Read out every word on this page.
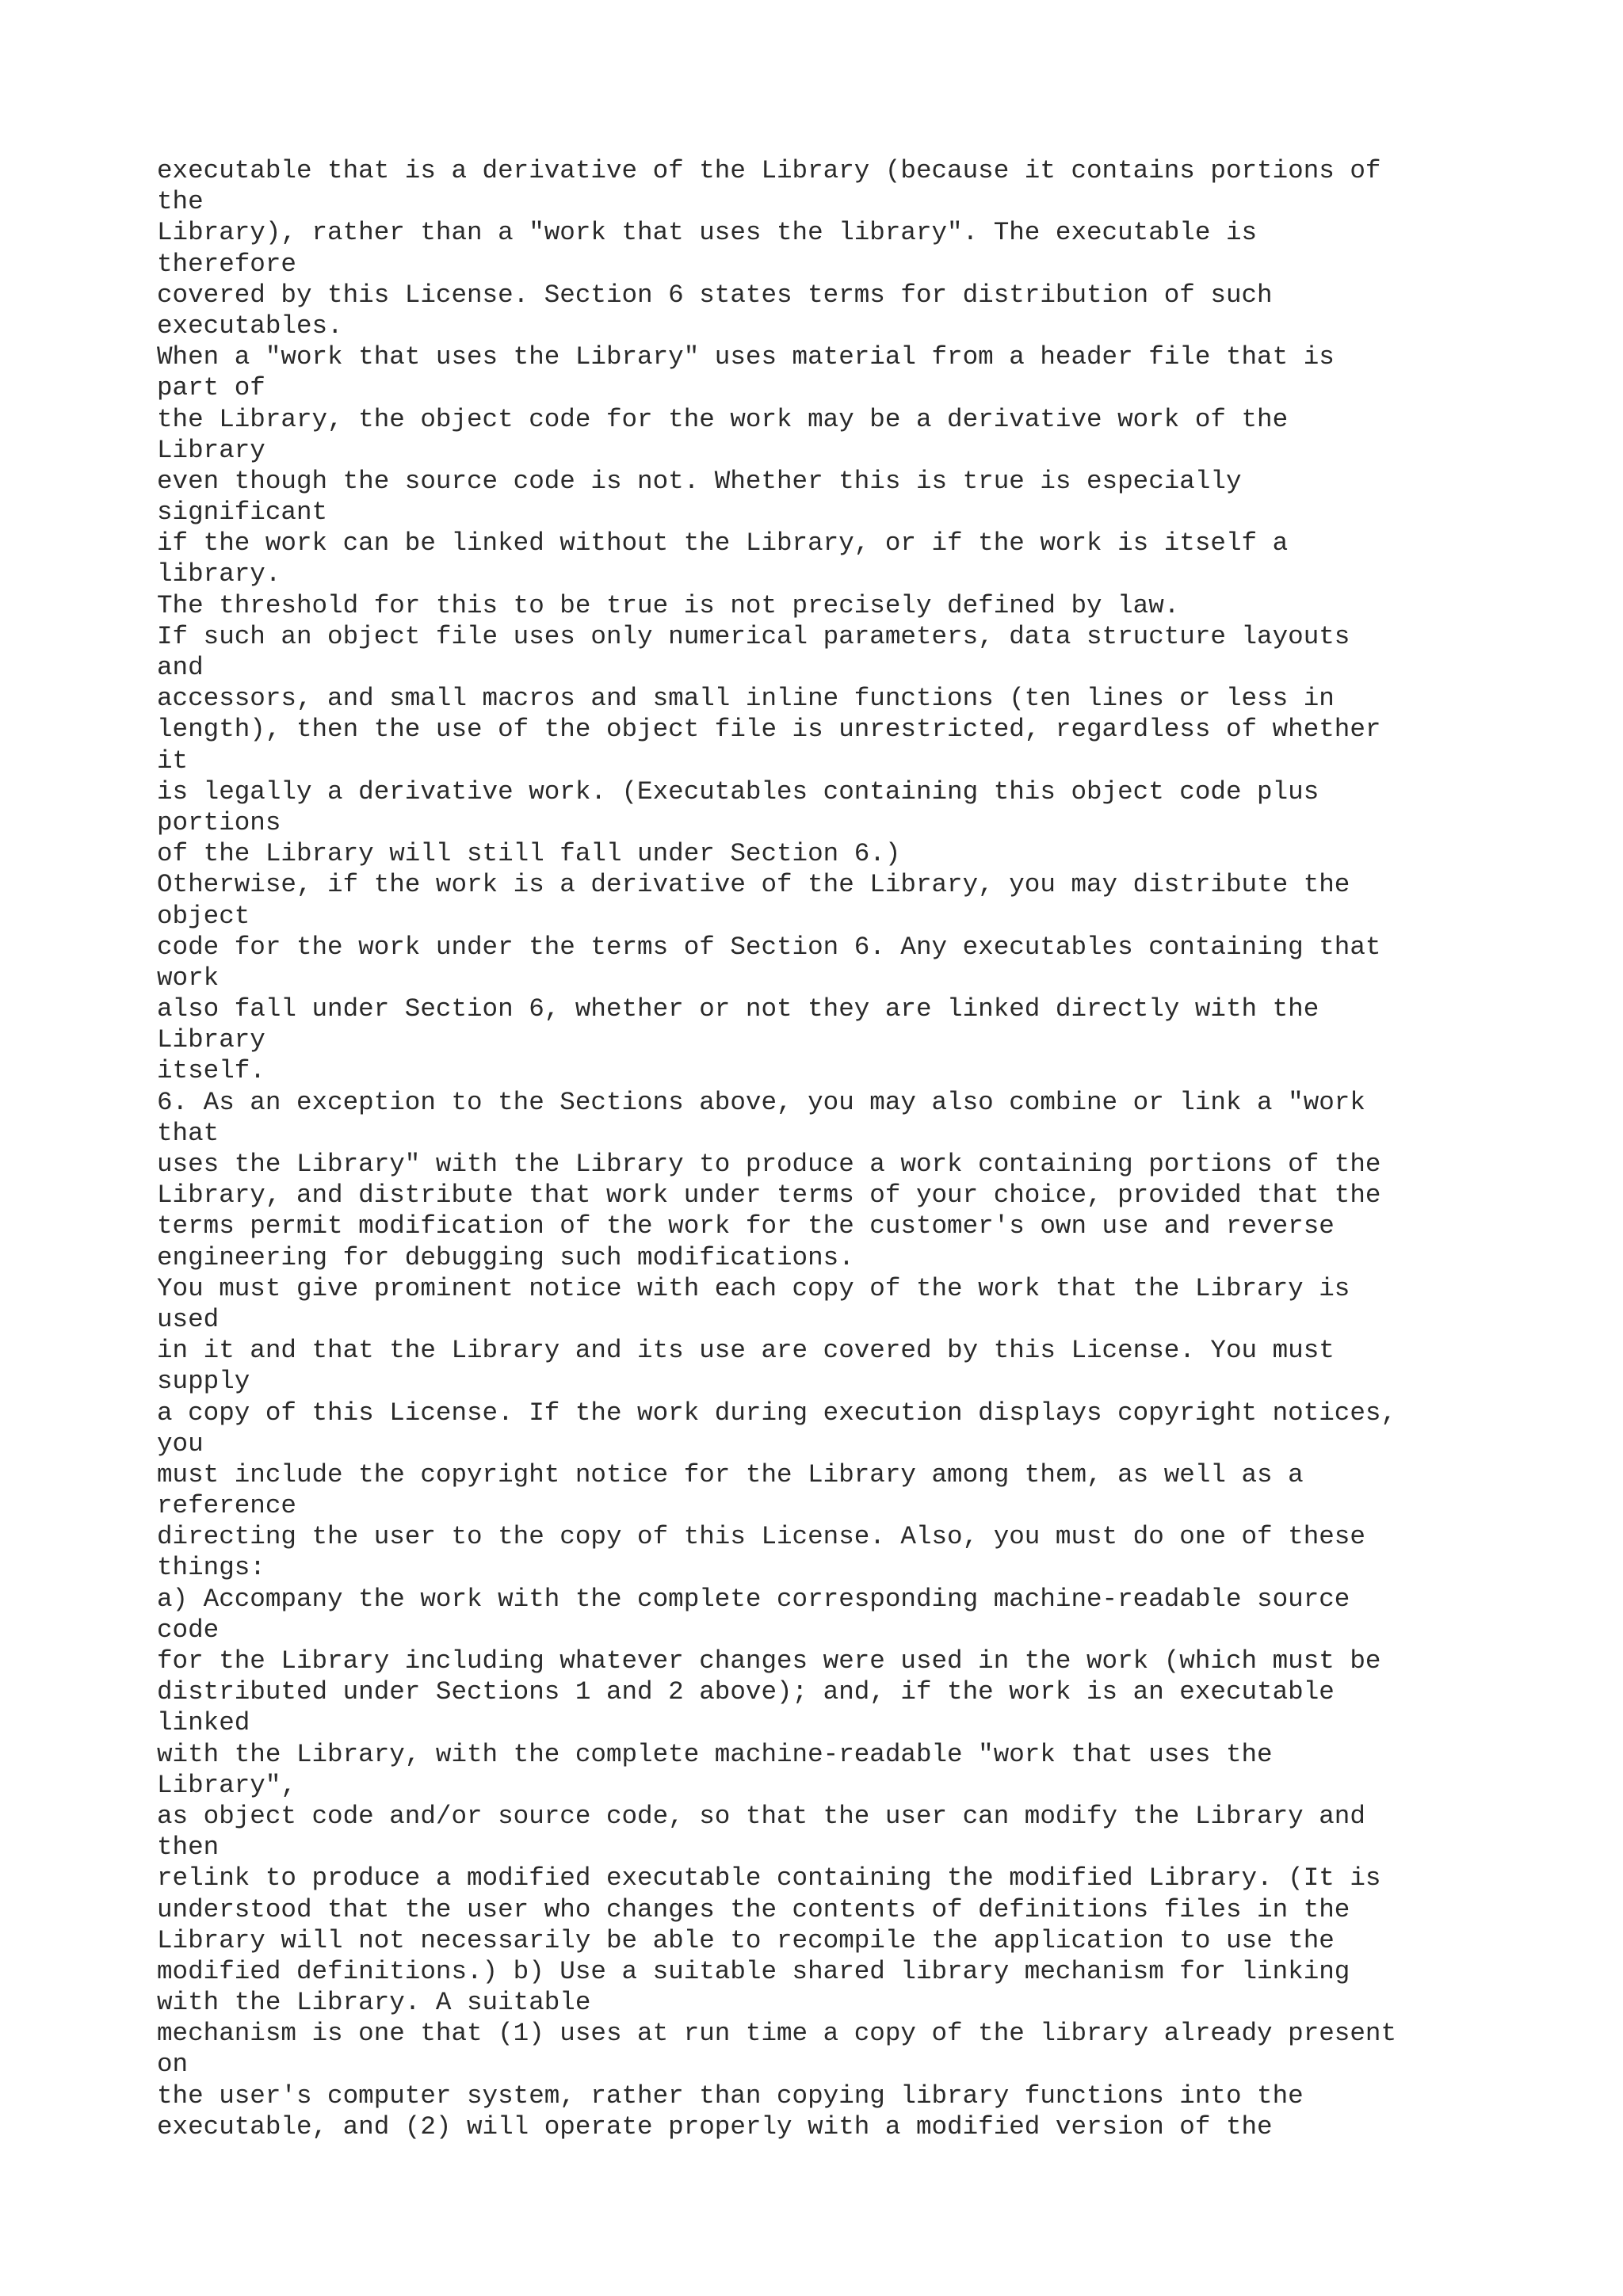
executable that is a derivative of the Library (because it contains portions of
the
Library), rather than a "work that uses the library". The executable is
therefore
covered by this License. Section 6 states terms for distribution of such
executables.
When a "work that uses the Library" uses material from a header file that is
part of
the Library, the object code for the work may be a derivative work of the
Library
even though the source code is not. Whether this is true is especially
significant
if the work can be linked without the Library, or if the work is itself a
library.
The threshold for this to be true is not precisely defined by law.
If such an object file uses only numerical parameters, data structure layouts
and
accessors, and small macros and small inline functions (ten lines or less in
length), then the use of the object file is unrestricted, regardless of whether
it
is legally a derivative work. (Executables containing this object code plus
portions
of the Library will still fall under Section 6.)
Otherwise, if the work is a derivative of the Library, you may distribute the
object
code for the work under the terms of Section 6. Any executables containing that
work
also fall under Section 6, whether or not they are linked directly with the
Library
itself.
6. As an exception to the Sections above, you may also combine or link a "work
that
uses the Library" with the Library to produce a work containing portions of the
Library, and distribute that work under terms of your choice, provided that the
terms permit modification of the work for the customer's own use and reverse
engineering for debugging such modifications.
You must give prominent notice with each copy of the work that the Library is
used
in it and that the Library and its use are covered by this License. You must
supply
a copy of this License. If the work during execution displays copyright notices,
you
must include the copyright notice for the Library among them, as well as a
reference
directing the user to the copy of this License. Also, you must do one of these
things:
a) Accompany the work with the complete corresponding machine-readable source
code
for the Library including whatever changes were used in the work (which must be
distributed under Sections 1 and 2 above); and, if the work is an executable
linked
with the Library, with the complete machine-readable "work that uses the
Library",
as object code and/or source code, so that the user can modify the Library and
then
relink to produce a modified executable containing the modified Library. (It is
understood that the user who changes the contents of definitions files in the
Library will not necessarily be able to recompile the application to use the
modified definitions.) b) Use a suitable shared library mechanism for linking
with the Library. A suitable
mechanism is one that (1) uses at run time a copy of the library already present
on
the user's computer system, rather than copying library functions into the
executable, and (2) will operate properly with a modified version of the
